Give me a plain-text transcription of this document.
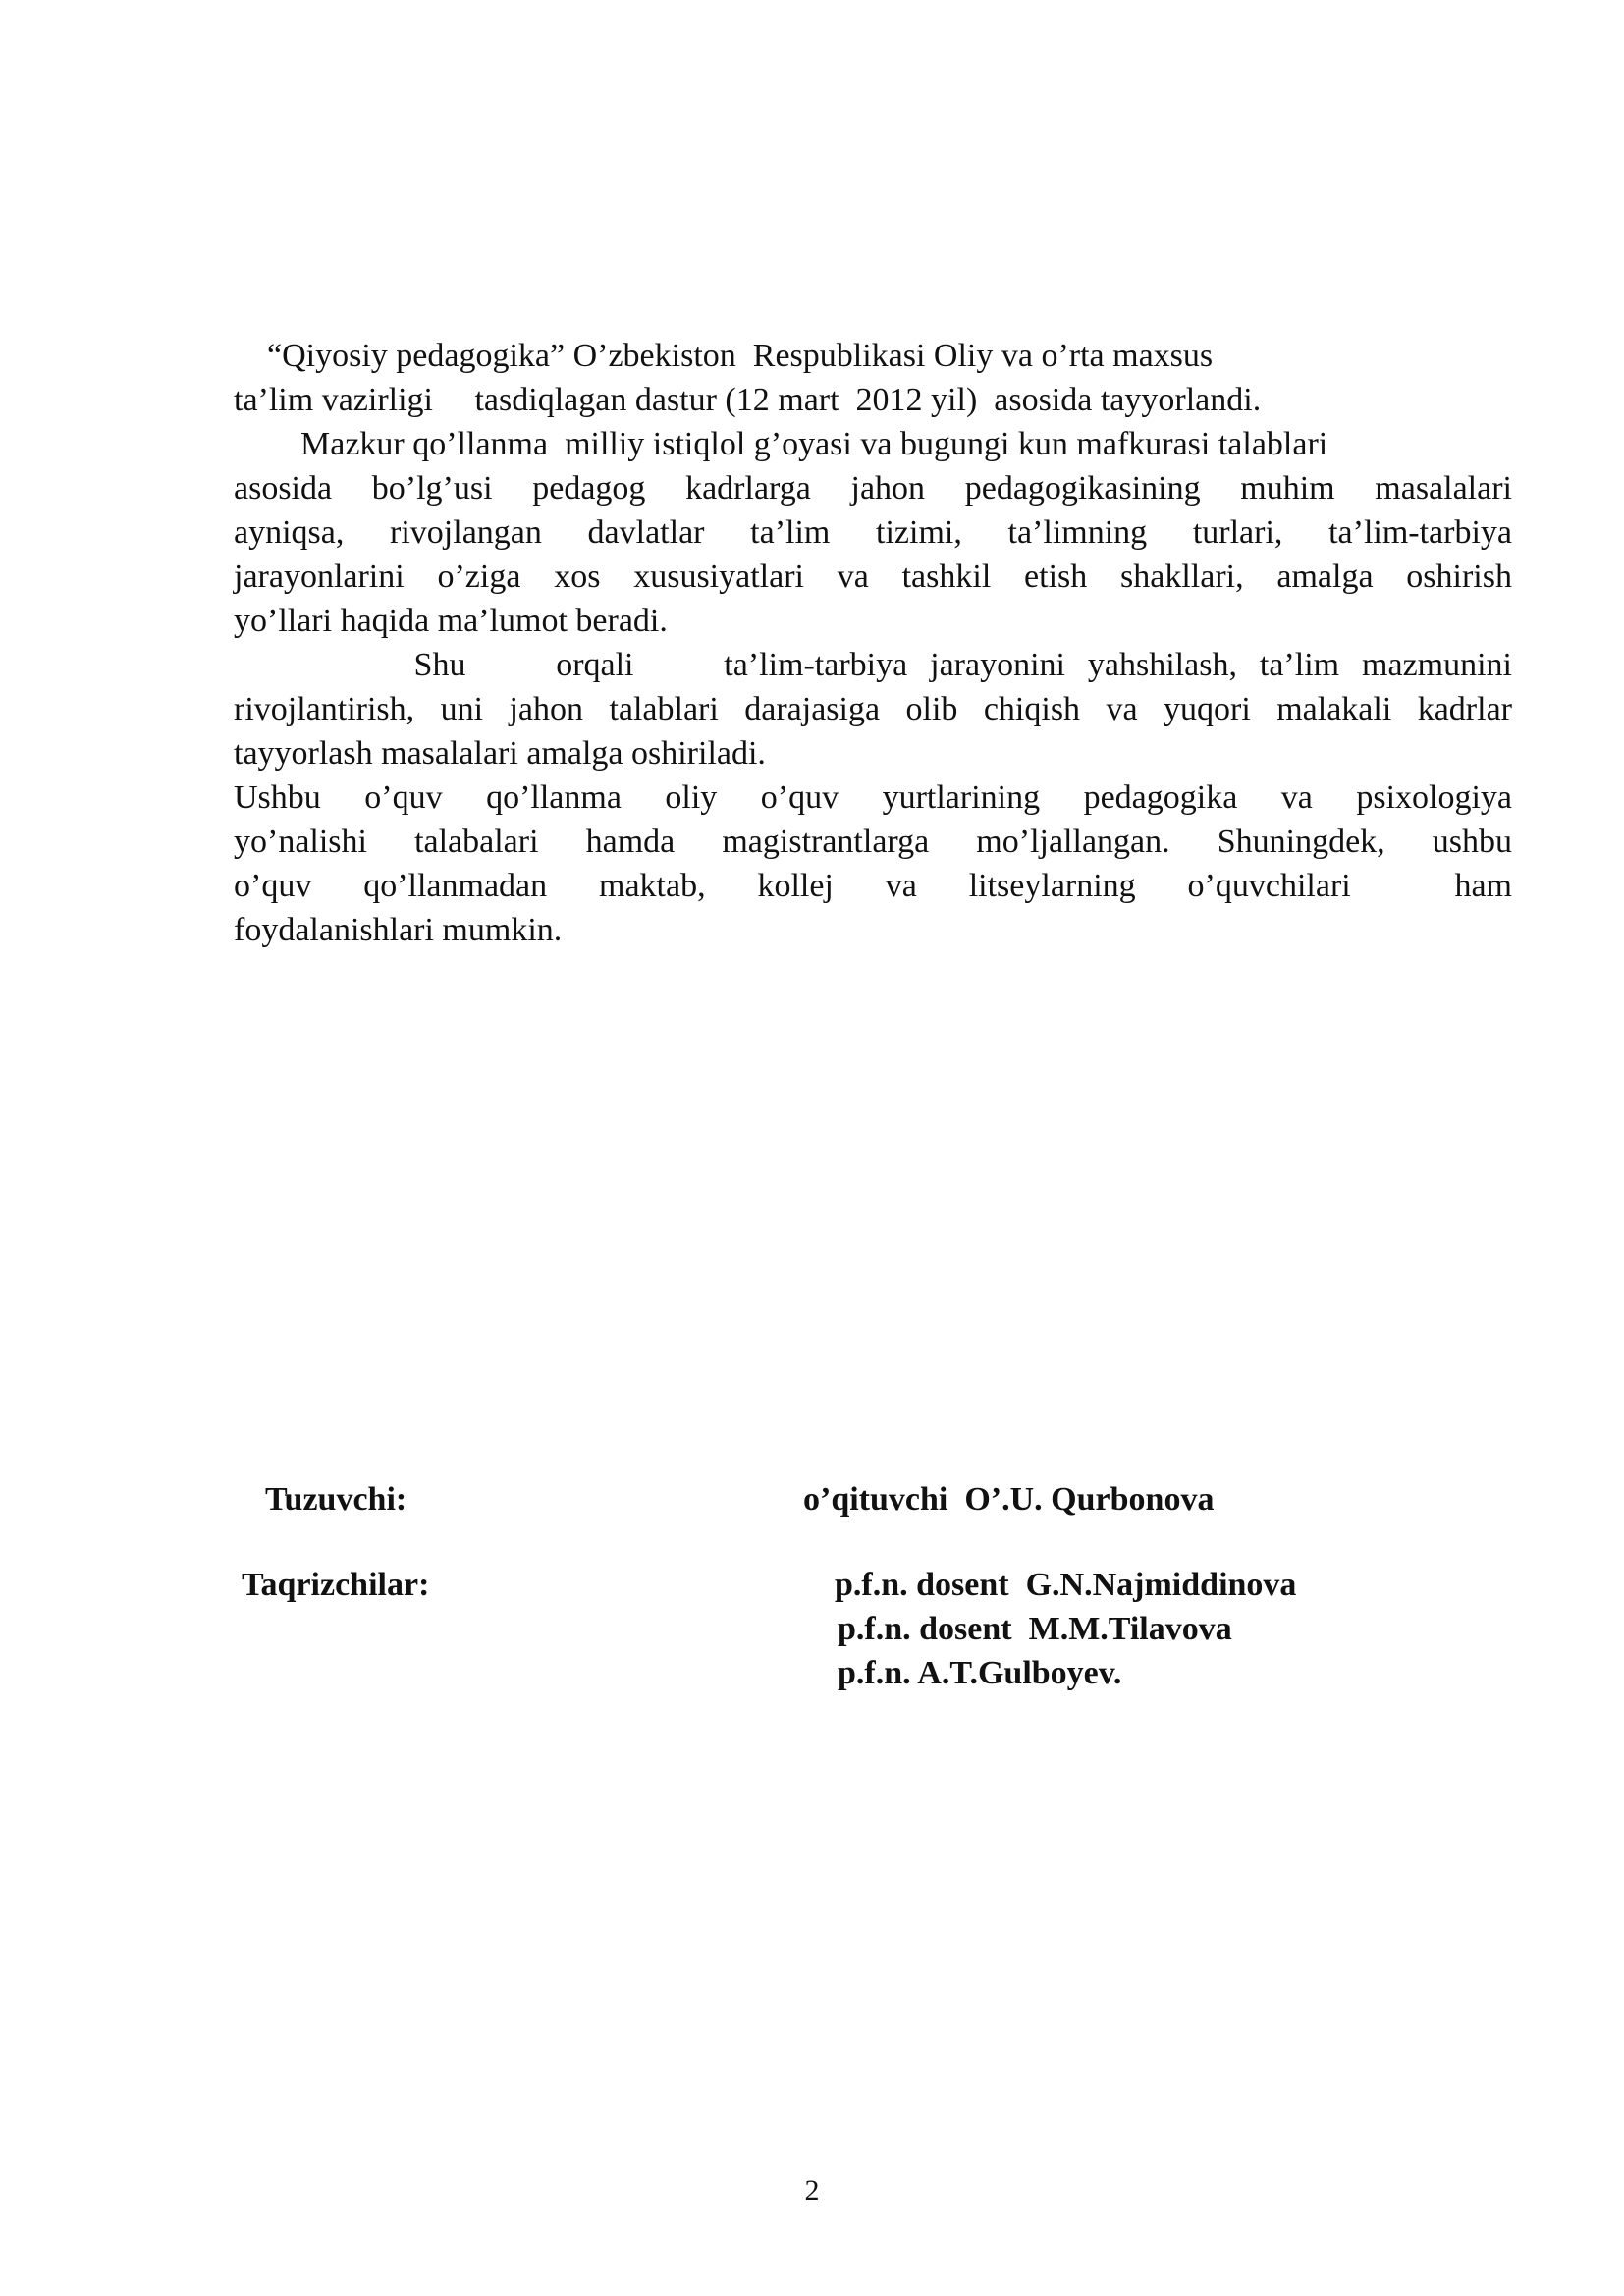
“Qiyosiy pedagogika” O’zbekiston  Respublikasi Oliy va o’rta maxsus
ta’lim vazirligi     tasdiqlagan dastur (12 mart  2012 yil)  asosida tayyorlandi.

Mazkur qo’llanma  milliy istiqlol g’oyasi va bugungi kun mafkurasi talablari
asosida bo’lg’usi pedagog kadrlarga jahon pedagogikasining muhim masalalari
ayniqsa, rivojlangan davlatlar ta’lim tizimi, ta’limning turlari, ta’lim-tarbiya
jarayonlarini o’ziga xos xususiyatlari va tashkil etish shakllari, amalga oshirish
yo’llari haqida ma’lumot beradi.

Shu    orqali    ta’lim-tarbiya jarayonini yahshilash, ta’lim mazmunini
rivojlantirish, uni jahon talablari darajasiga olib chiqish va yuqori malakali kadrlar
tayyorlash masalalari amalga oshiriladi.

Ushbu o’quv qo’llanma oliy o’quv yurtlarining pedagogika va psixologiya
yo’nalishi talabalari hamda magistrantlarga mo’ljallangan. Shuningdek, ushbu
o’quv qo’llanmadan maktab, kollej va litseylarning o’quvchilari  ham
foydalanishlari mumkin.

Tuzuvchi:	o’qituvchi  O’.U. Qurbonova
Taqrizchilar:	p.f.n. dosent  G.N.Najmiddinova
p.f.n. dosent  M.M.Tilavova
p.f.n. A.T.Gulboyev.
2
